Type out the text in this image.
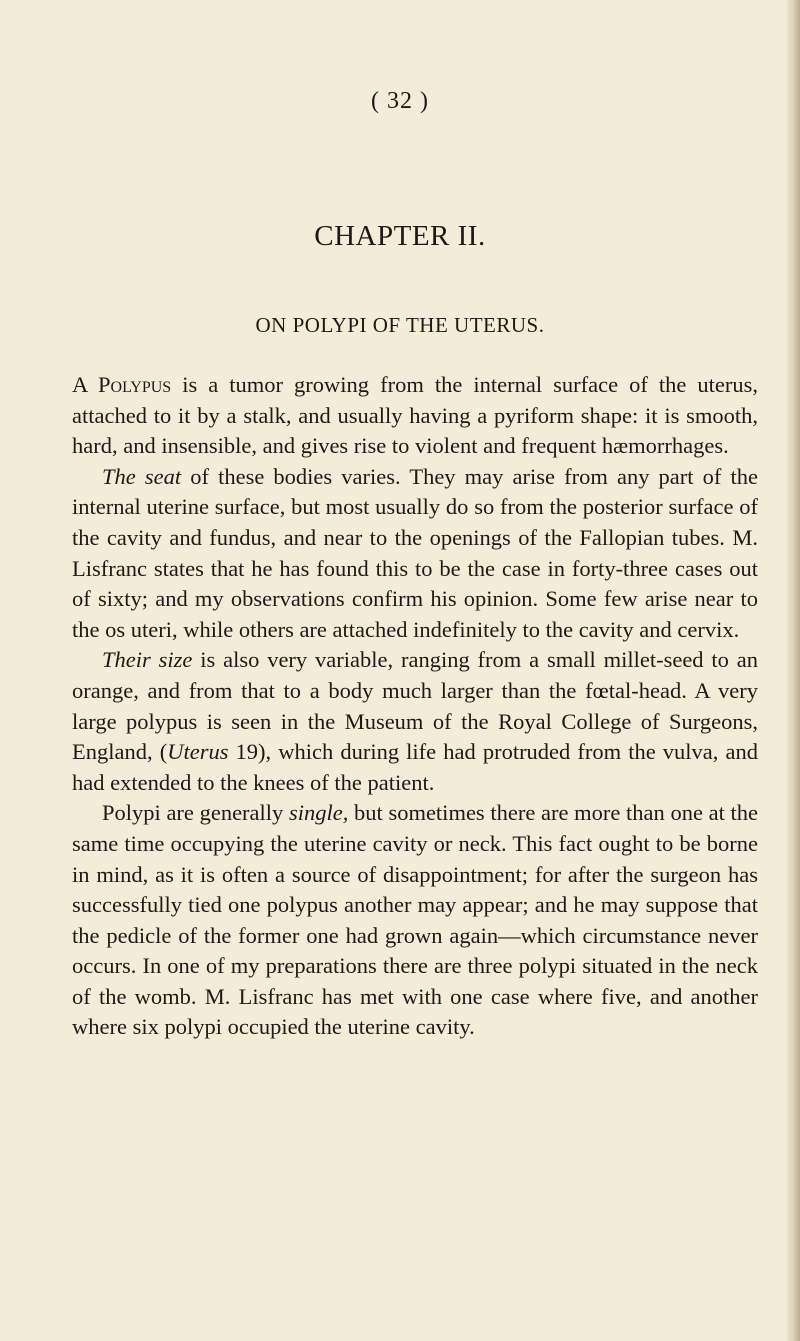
( 32 )
CHAPTER II.
ON POLYPI OF THE UTERUS.

A Polypus is a tumor growing from the internal surface of the uterus, attached to it by a stalk, and usually having a pyriform shape: it is smooth, hard, and insensible, and gives rise to violent and frequent hæmorrhages.

The seat of these bodies varies. They may arise from any part of the internal uterine surface, but most usually do so from the posterior surface of the cavity and fundus, and near to the openings of the Fallopian tubes. M. Lisfranc states that he has found this to be the case in forty-three cases out of sixty; and my observations confirm his opinion. Some few arise near to the os uteri, while others are attached indefinitely to the cavity and cervix.

Their size is also very variable, ranging from a small millet-seed to an orange, and from that to a body much larger than the fœtal-head. A very large polypus is seen in the Museum of the Royal College of Surgeons, England, (Uterus 19), which during life had protruded from the vulva, and had extended to the knees of the patient.

Polypi are generally single, but sometimes there are more than one at the same time occupying the uterine cavity or neck. This fact ought to be borne in mind, as it is often a source of disappointment; for after the surgeon has successfully tied one polypus another may appear; and he may suppose that the pedicle of the former one had grown again—which circumstance never occurs. In one of my preparations there are three polypi situated in the neck of the womb. M. Lisfranc has met with one case where five, and another where six polypi occupied the uterine cavity.
